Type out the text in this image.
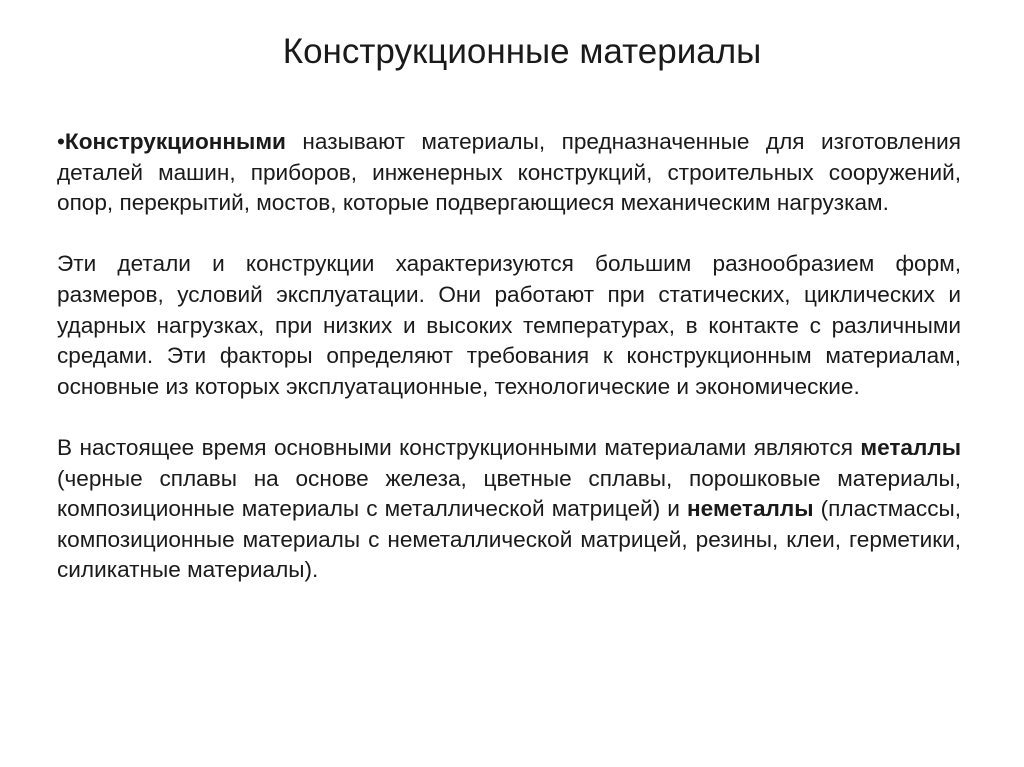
Конструкционные материалы

•Конструкционными называют материалы, предназначенные для изготовления деталей машин, приборов, инженерных конструкций, строительных сооружений, опор, перекрытий, мостов, которые подвергающиеся механическим нагрузкам.

Эти детали и конструкции характеризуются большим разнообразием форм, размеров, условий эксплуатации. Они работают при статических, циклических и ударных нагрузках, при низких и высоких температурах, в контакте с различными средами. Эти факторы определяют требования к конструкционным материалам, основные из которых эксплуатационные, технологические и экономические.

В настоящее время основными конструкционными материалами являются металлы (черные сплавы на основе железа, цветные сплавы, порошковые материалы, композиционные материалы с металлической матрицей) и неметаллы (пластмассы, композиционные материалы с неметаллической матрицей, резины, клеи, герметики, силикатные материалы).
